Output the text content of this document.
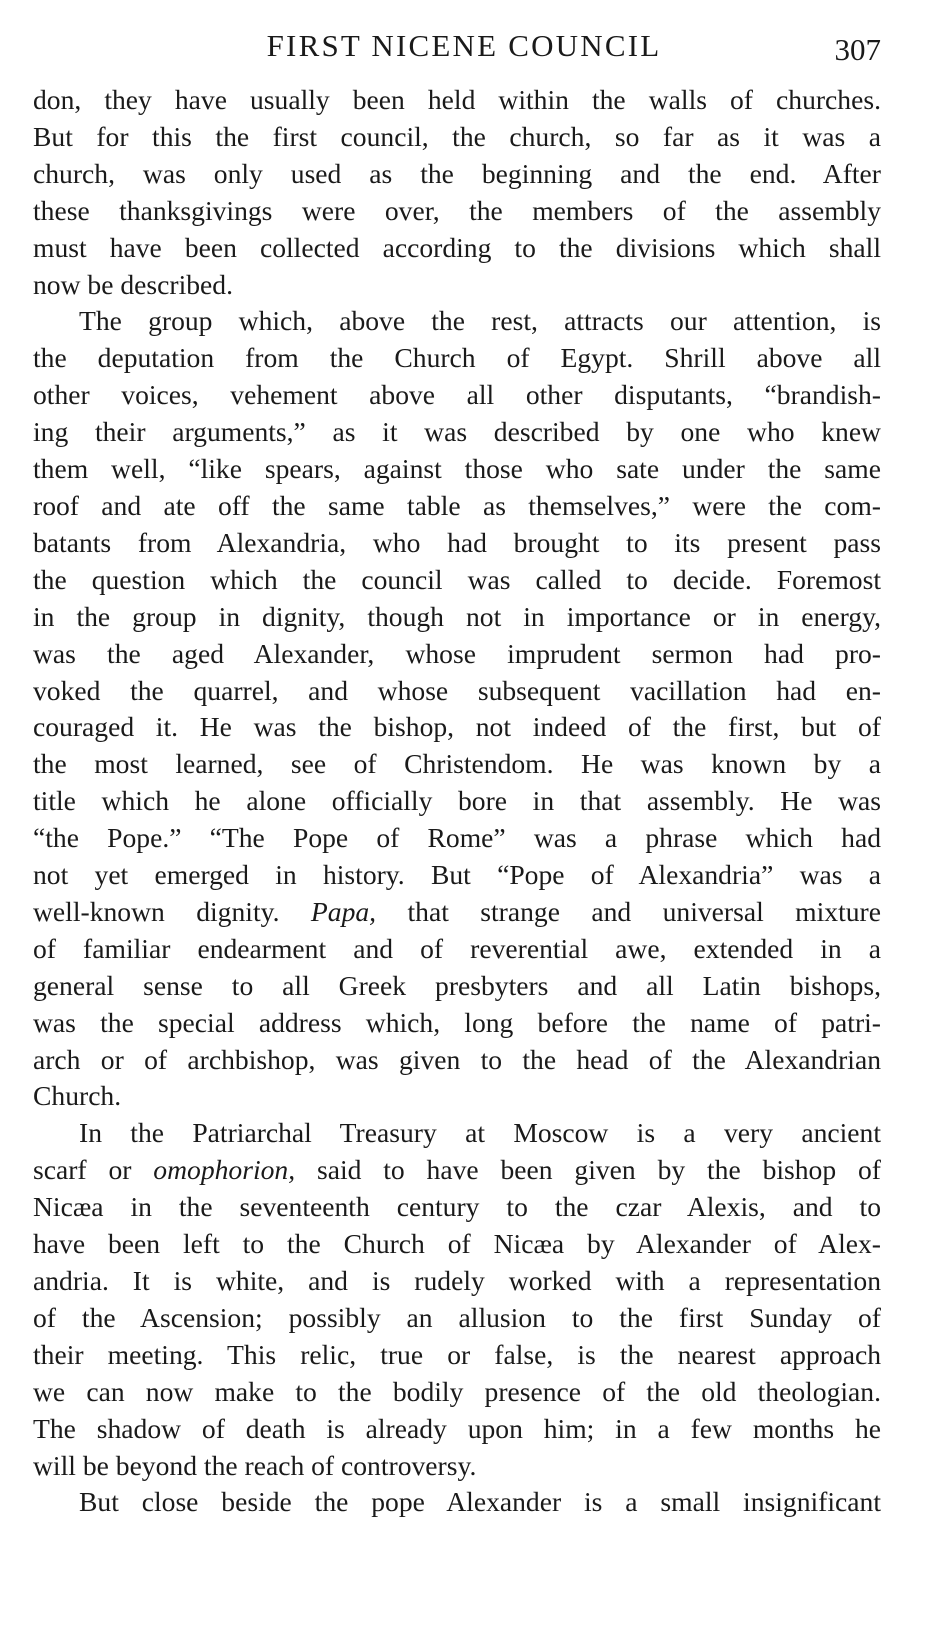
FIRST NICENE COUNCIL	307
don, they have usually been held within the walls of churches.
But for this the first council, the church, so far as it was a
church, was only used as the beginning and the end. After
these thanksgivings were over, the members of the assembly
must have been collected according to the divisions which shall
now be described.
The group which, above the rest, attracts our attention, is
the deputation from the Church of Egypt. Shrill above all
other voices, vehement above all other disputants, “brandish-
ing their arguments,” as it was described by one who knew
them well, “like spears, against those who sate under the same
roof and ate off the same table as themselves,” were the com-
batants from Alexandria, who had brought to its present pass
the question which the council was called to decide. Foremost
in the group in dignity, though not in importance or in energy,
was the aged Alexander, whose imprudent sermon had pro-
voked the quarrel, and whose subsequent vacillation had en-
couraged it. He was the bishop, not indeed of the first, but of
the most learned, see of Christendom. He was known by a
title which he alone officially bore in that assembly. He was
“the Pope.” “The Pope of Rome” was a phrase which had
not yet emerged in history. But “Pope of Alexandria” was a
well-known dignity. Papa, that strange and universal mixture
of familiar endearment and of reverential awe, extended in a
general sense to all Greek presbyters and all Latin bishops,
was the special address which, long before the name of patri-
arch or of archbishop, was given to the head of the Alexandrian
Church.
In the Patriarchal Treasury at Moscow is a very ancient
scarf or omophorion, said to have been given by the bishop of
Nicæa in the seventeenth century to the czar Alexis, and to
have been left to the Church of Nicæa by Alexander of Alex-
andria. It is white, and is rudely worked with a representation
of the Ascension; possibly an allusion to the first Sunday of
their meeting. This relic, true or false, is the nearest approach
we can now make to the bodily presence of the old theologian.
The shadow of death is already upon him; in a few months he
will be beyond the reach of controversy.
But close beside the pope Alexander is a small insignificant
